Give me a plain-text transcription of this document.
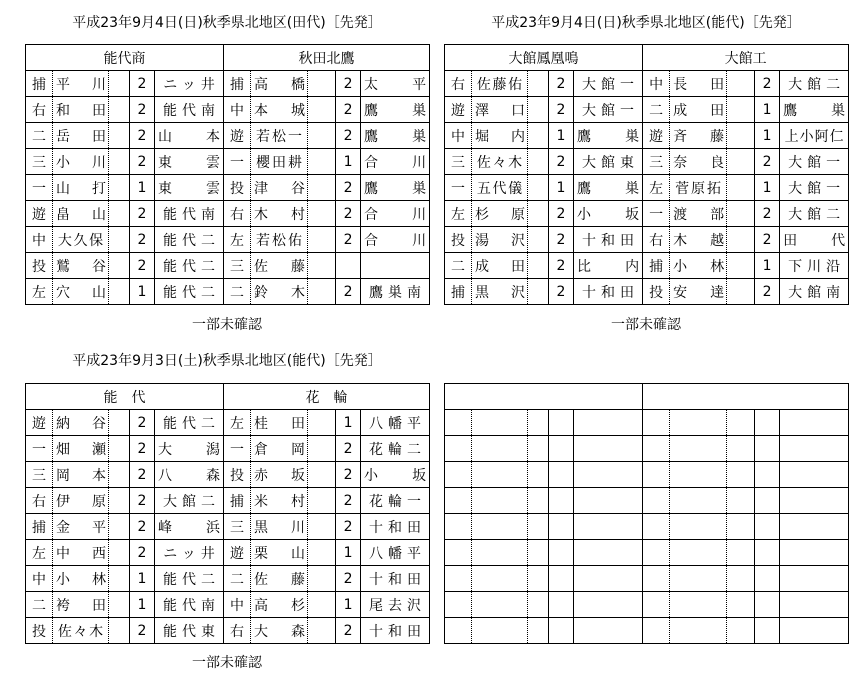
平成23年9月4日(日)秋季県北地区(田代)［先発］
能代商					秋田北鷹				
捕	平 川		2	ニッ井	捕	高 橋		2	太 平

右	和 田		2	能代南	中	本 城		2	鷹 巣

二	岳 田		2	山 本	遊	若松一		2	鷹 巣

三	小 川		2	東 雲	一	櫻田耕		1	合 川

一	山 打		1	東 雲	投	津 谷		2	鷹 巣

遊	畠 山		2	能代南	右	木 村		2	合 川

中	大久保		2	能代二	左	若松佑		2	合 川

投	鷲 谷		2	能代二	三	佐 藤			

左	穴 山		1	能代二	二	鈴 木		2	鷹巣南
一部未確認
平成23年9月4日(日)秋季県北地区(能代)［先発］
大館鳳凰鳴					大館工				
右	佐藤佑		2	大館一	中	長 田		2	大館二

遊	澤 口		2	大館一	二	成 田		1	鷹 巣

中	堀 内		1	鷹 巣	遊	斉 藤		1	上小阿仁

三	佐々木		2	大館東	三	奈 良		2	大館一

一	五代儀		1	鷹 巣	左	菅原拓		1	大館一

左	杉 原		2	小 坂	一	渡 部		2	大館二

投	湯 沢		2	十和田	右	木 越		2	田 代

二	成 田		2	比 内	捕	小 林		1	下川沿

捕	黒 沢		2	十和田	投	安 達		2	大館南
一部未確認
平成23年9月3日(土)秋季県北地区(能代)［先発］
能　代					花　輪				
遊	納 谷		2	能代二	左	桂 田		1	八幡平

一	畑 瀬		2	大 潟	一	倉 岡		2	花輪二

三	岡 本		2	八 森	投	赤 坂		2	小 坂

右	伊 原		2	大館二	捕	米 村		2	花輪一

捕	金 平		2	峰 浜	三	黒 川		2	十和田

左	中 西		2	ニッ井	遊	栗 山		1	八幡平

中	小 林		1	能代二	二	佐 藤		2	十和田

二	袴 田		1	能代南	中	高 杉		1	尾去沢

投	佐々木		2	能代東	右	大 森		2	十和田
一部未確認
